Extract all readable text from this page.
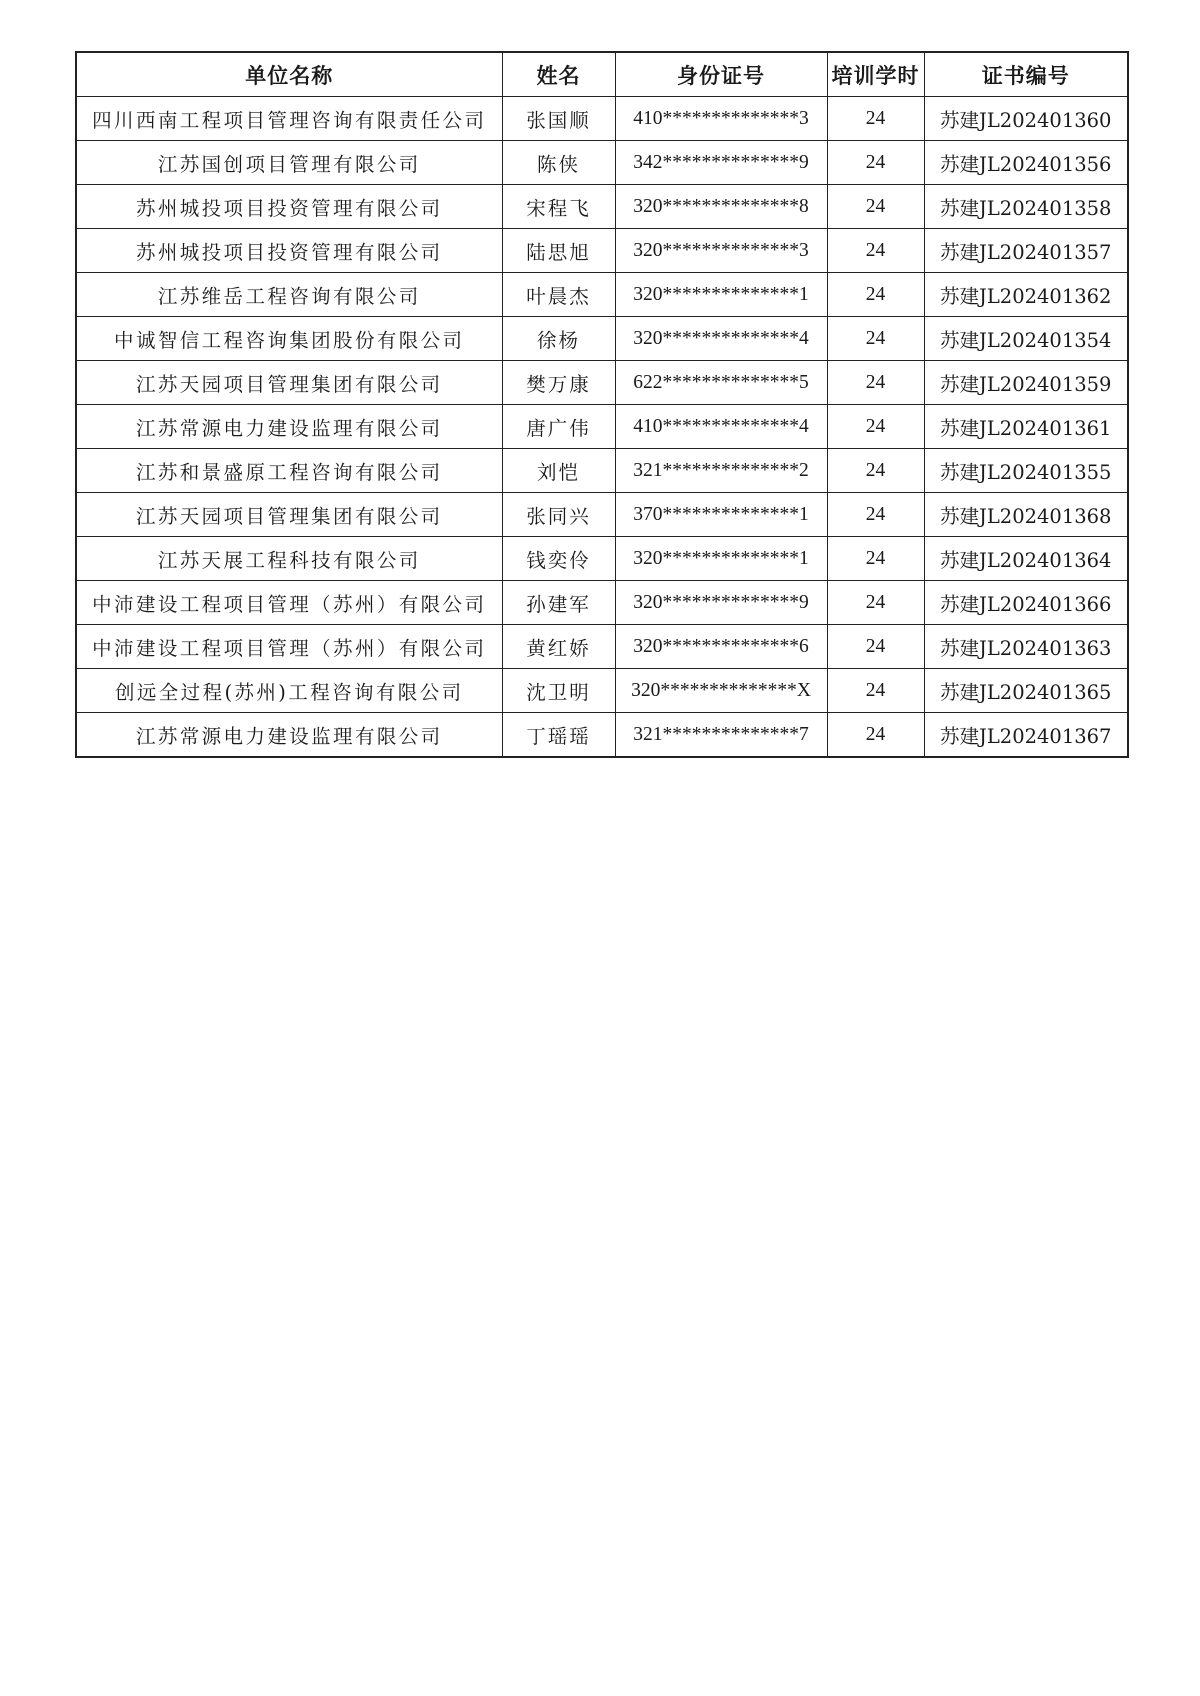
单位名称	姓名	身份证号	培训学时	证书编号
四川西南工程项目管理咨询有限责任公司	张国顺	410**************3	24	苏建JL202401360
江苏国创项目管理有限公司	陈侠	342**************9	24	苏建JL202401356
苏州城投项目投资管理有限公司	宋程飞	320**************8	24	苏建JL202401358
苏州城投项目投资管理有限公司	陆思旭	320**************3	24	苏建JL202401357
江苏维岳工程咨询有限公司	叶晨杰	320**************1	24	苏建JL202401362
中诚智信工程咨询集团股份有限公司	徐杨	320**************4	24	苏建JL202401354
江苏天园项目管理集团有限公司	樊万康	622**************5	24	苏建JL202401359
江苏常源电力建设监理有限公司	唐广伟	410**************4	24	苏建JL202401361
江苏和景盛原工程咨询有限公司	刘恺	321**************2	24	苏建JL202401355
江苏天园项目管理集团有限公司	张同兴	370**************1	24	苏建JL202401368
江苏天展工程科技有限公司	钱奕伶	320**************1	24	苏建JL202401364
中沛建设工程项目管理（苏州）有限公司	孙建军	320**************9	24	苏建JL202401366
中沛建设工程项目管理（苏州）有限公司	黄红娇	320**************6	24	苏建JL202401363
创远全过程(苏州)工程咨询有限公司	沈卫明	320**************X	24	苏建JL202401365
江苏常源电力建设监理有限公司	丁瑶瑶	321**************7	24	苏建JL202401367
